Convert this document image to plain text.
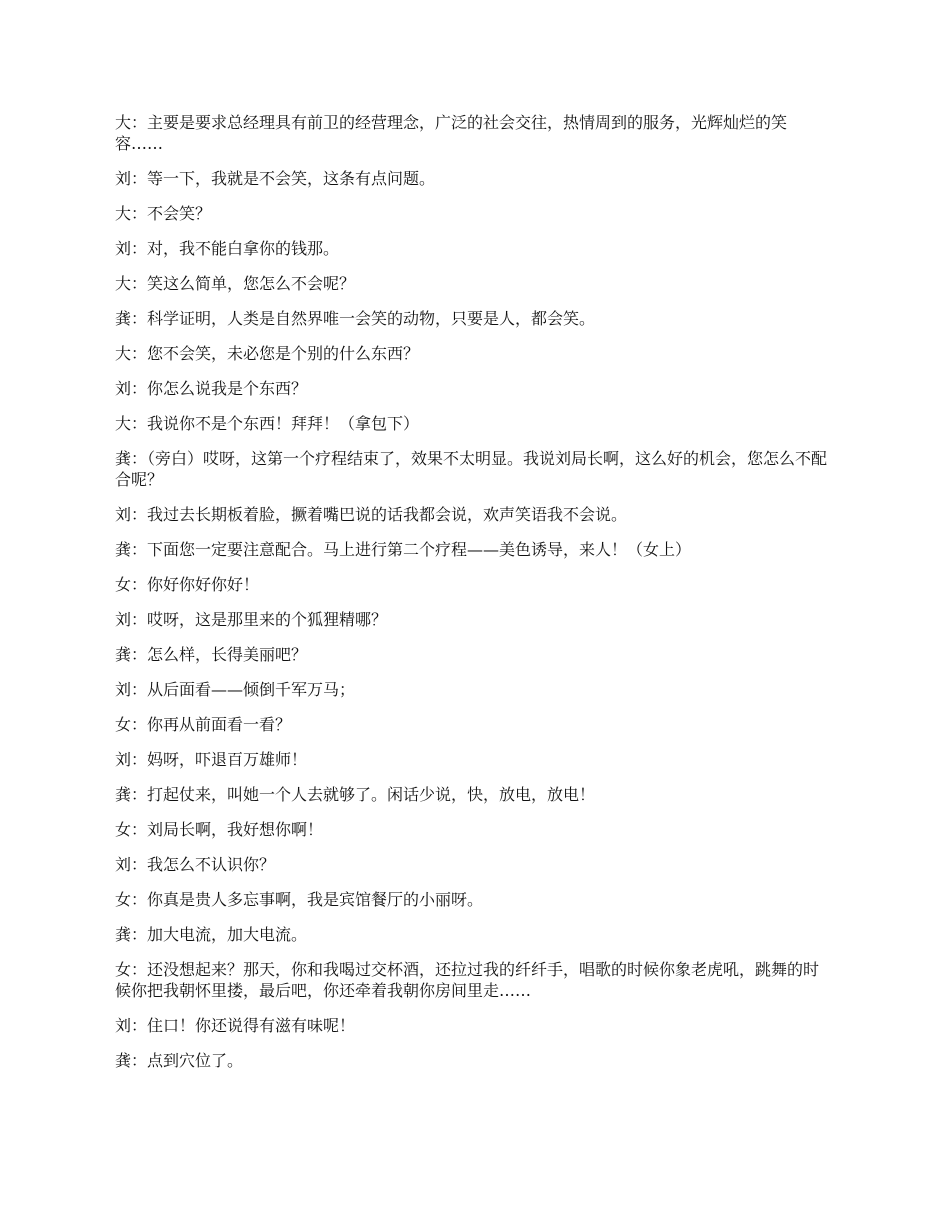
大：主要是要求总经理具有前卫的经营理念，广泛的社会交往，热情周到的服务，光辉灿烂的笑容……

刘：等一下，我就是不会笑，这条有点问题。

大：不会笑？

刘：对，我不能白拿你的钱那。

大：笑这么简单，您怎么不会呢？

龚：科学证明，人类是自然界唯一会笑的动物，只要是人，都会笑。

大：您不会笑，未必您是个别的什么东西？

刘：你怎么说我是个东西？

大：我说你不是个东西！拜拜！（拿包下）

龚：（旁白）哎呀，这第一个疗程结束了，效果不太明显。我说刘局长啊，这么好的机会，您怎么不配合呢？

刘：我过去长期板着脸，撅着嘴巴说的话我都会说，欢声笑语我不会说。

龚：下面您一定要注意配合。马上进行第二个疗程——美色诱导，来人！（女上）

女：你好你好你好！

刘：哎呀，这是那里来的个狐狸精哪？

龚：怎么样，长得美丽吧？

刘：从后面看——倾倒千军万马；

女：你再从前面看一看？

刘：妈呀，吓退百万雄师！

龚：打起仗来，叫她一个人去就够了。闲话少说，快，放电，放电！

女：刘局长啊，我好想你啊！

刘：我怎么不认识你？

女：你真是贵人多忘事啊，我是宾馆餐厅的小丽呀。

龚：加大电流，加大电流。

女：还没想起来？那天，你和我喝过交杯酒，还拉过我的纤纤手，唱歌的时候你象老虎吼，跳舞的时候你把我朝怀里搂，最后吧，你还牵着我朝你房间里走……

刘：住口！你还说得有滋有味呢！

龚：点到穴位了。
